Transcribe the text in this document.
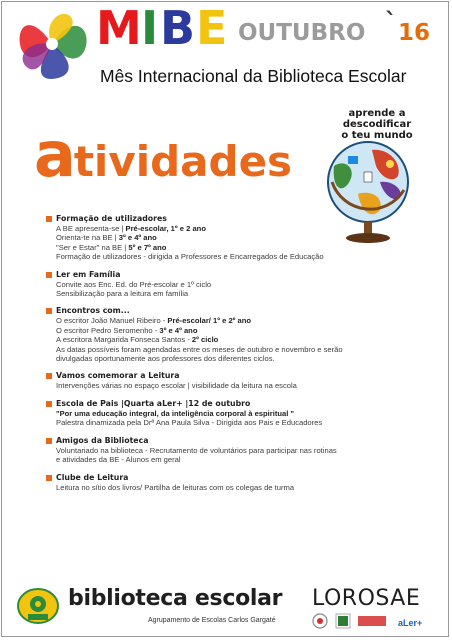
M I B E OUTUBRO ` 16
Mês Internacional da Biblioteca Escolar
atividades
aprende a descodificar
o teu mundo
Formação de utilizadores
A BE apresenta-se | Pré-escolar, 1º e 2 ano
Orienta-te na BE | 3º e 4º ano
"Ser e Estar" na BE | 5º e 7º ano
Formação de utilizadores - dirigida a Professores e Encarregados de Educação
Ler em Família
Convite aos Enc. Ed. do Pré-escolar e 1º ciclo
Sensibilização para a leitura em família
Encontros com...
O escritor João Manuel Ribeiro - Pré-escolar/ 1º e 2º ano
O escritor Pedro Seromenho - 3º e 4º ano
A escritora Margarida Fonseca Santos - 2º ciclo
As datas possíveis foram agendadas entre os meses de outubro e novembro e serão
divulgadas oportunamente aos professores dos diferentes ciclos.
Vamos comemorar a Leitura
Intervenções várias no espaço escolar | visibilidade da leitura na escola
Escola de Pais |Quarta aLer+ |12 de outubro
"Por uma educação integral, da inteligência corporal à espiritual "
Palestra dinamizada pela Drª Ana Paula Silva - Dirigida aos Pais e Educadores
Amigos da Biblioteca
Voluntariado na biblioteca - Recrutamento de voluntários para participar nas rotinas
e atividades da BE - Alunos em geral
Clube de Leitura
Leitura no sítio dos livros/ Partilha de leituras com os colegas de turma
biblioteca escolar LOROSAE
Agrupamento de Escolas Carlos Gargaté	aLer+
